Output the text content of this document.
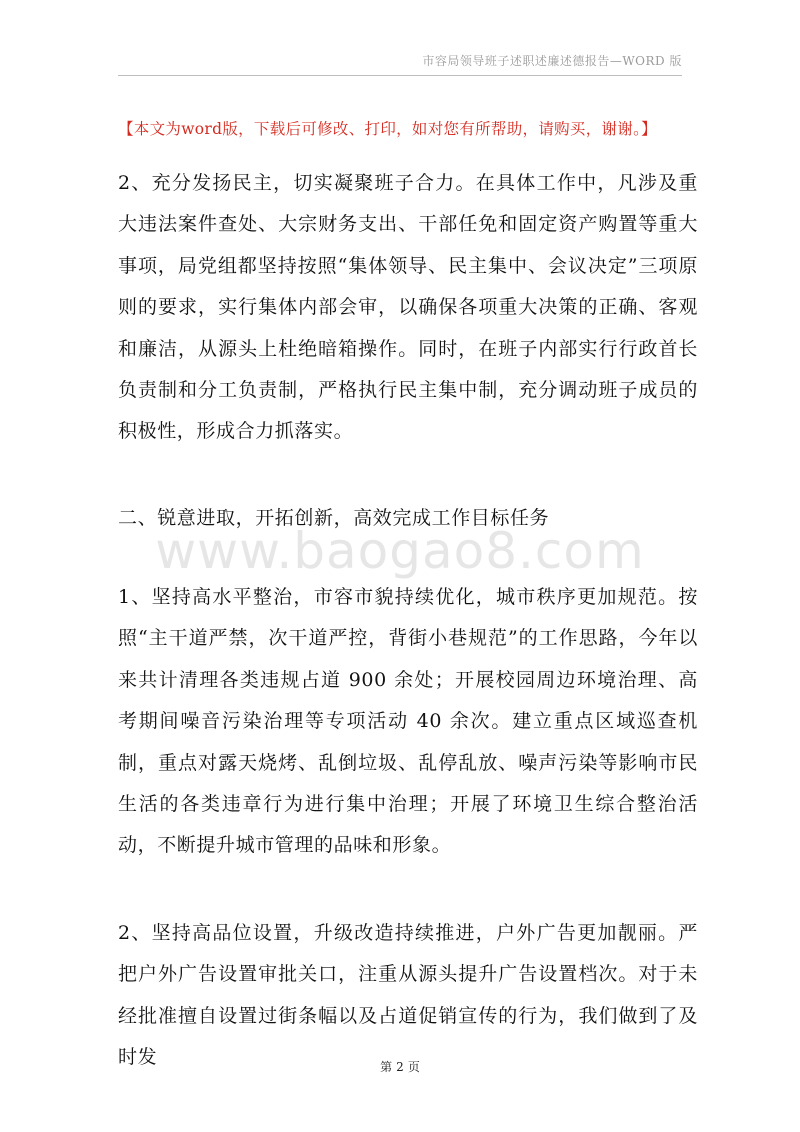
市容局领导班子述职述廉述德报告—WORD 版
【本文为word版，下载后可修改、打印，如对您有所帮助，请购买，谢谢。】

2、充分发扬民主，切实凝聚班子合力。在具体工作中，凡涉及重大违法案件查处、大宗财务支出、干部任免和固定资产购置等重大事项，局党组都坚持按照“集体领导、民主集中、会议决定”三项原则的要求，实行集体内部会审，以确保各项重大决策的正确、客观和廉洁，从源头上杜绝暗箱操作。同时，在班子内部实行行政首长负责制和分工负责制，严格执行民主集中制，充分调动班子成员的积极性，形成合力抓落实。

二、锐意进取，开拓创新，高效完成工作目标任务
www.baogao8.com

1、坚持高水平整治，市容市貌持续优化，城市秩序更加规范。按照“主干道严禁，次干道严控，背街小巷规范”的工作思路，今年以来共计清理各类违规占道 900 余处；开展校园周边环境治理、高考期间噪音污染治理等专项活动 40 余次。建立重点区域巡查机制，重点对露天烧烤、乱倒垃圾、乱停乱放、噪声污染等影响市民生活的各类违章行为进行集中治理；开展了环境卫生综合整治活动，不断提升城市管理的品味和形象。

2、坚持高品位设置，升级改造持续推进，户外广告更加靓丽。严把户外广告设置审批关口，注重从源头提升广告设置档次。对于未经批准擅自设置过街条幅以及占道促销宣传的行为，我们做到了及时发	第 2 页
